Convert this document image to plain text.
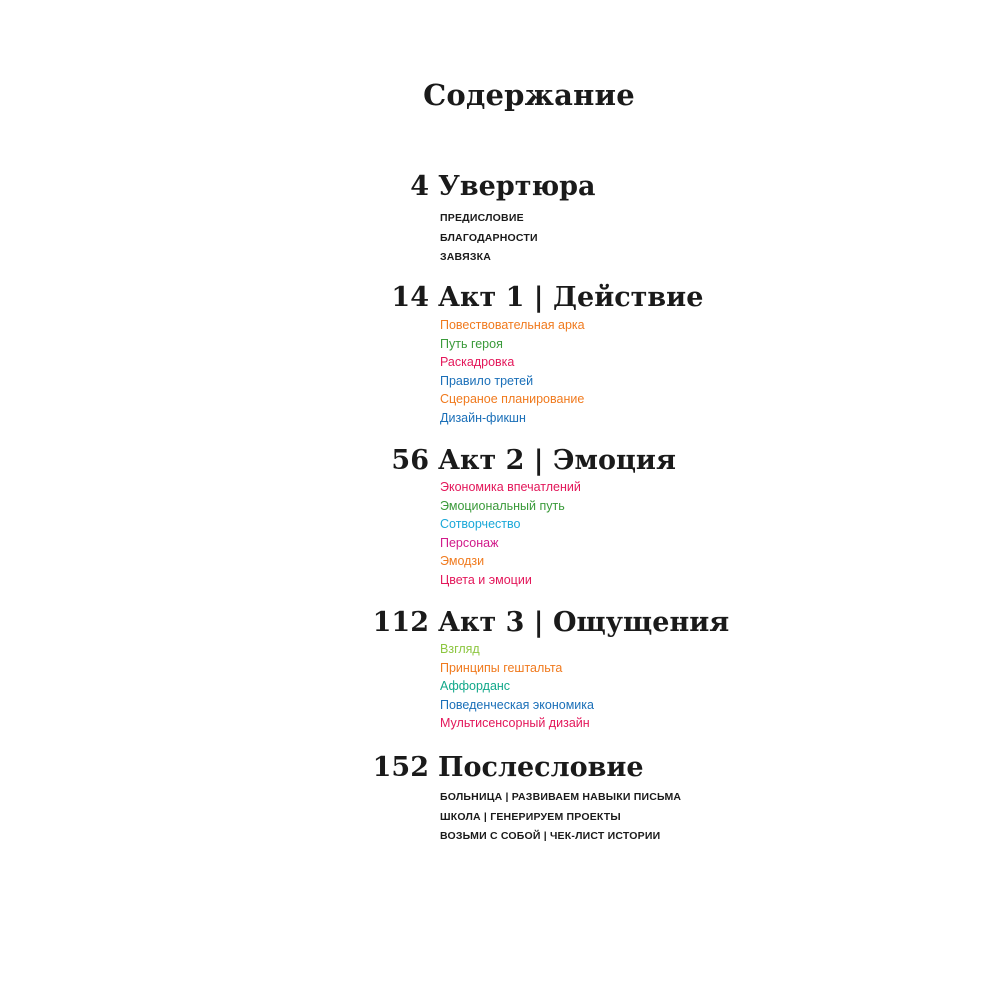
Содержание
4 Увертюра
ПРЕДИСЛОВИЕ
БЛАГОДАРНОСТИ
ЗАВЯЗКА
14 Акт 1 | Действие
Повествовательная арка
Путь героя
Раскадровка
Правило третей
Сцераное планирование
Дизайн-фикшн
56 Акт 2 | Эмоция
Экономика впечатлений
Эмоциональный путь
Сотворчество
Персонаж
Эмодзи
Цвета и эмоции
112 Акт 3 | Ощущения
Взгляд
Принципы гештальта
Аффорданс
Поведенческая экономика
Мультисенсорный дизайн
152 Послесловие
БОЛЬНИЦА | РАЗВИВАЕМ НАВЫКИ ПИСЬМА
ШКОЛА | ГЕНЕРИРУЕМ ПРОЕКТЫ
ВОЗЬМИ С СОБОЙ | ЧЕК-ЛИСТ ИСТОРИИ
